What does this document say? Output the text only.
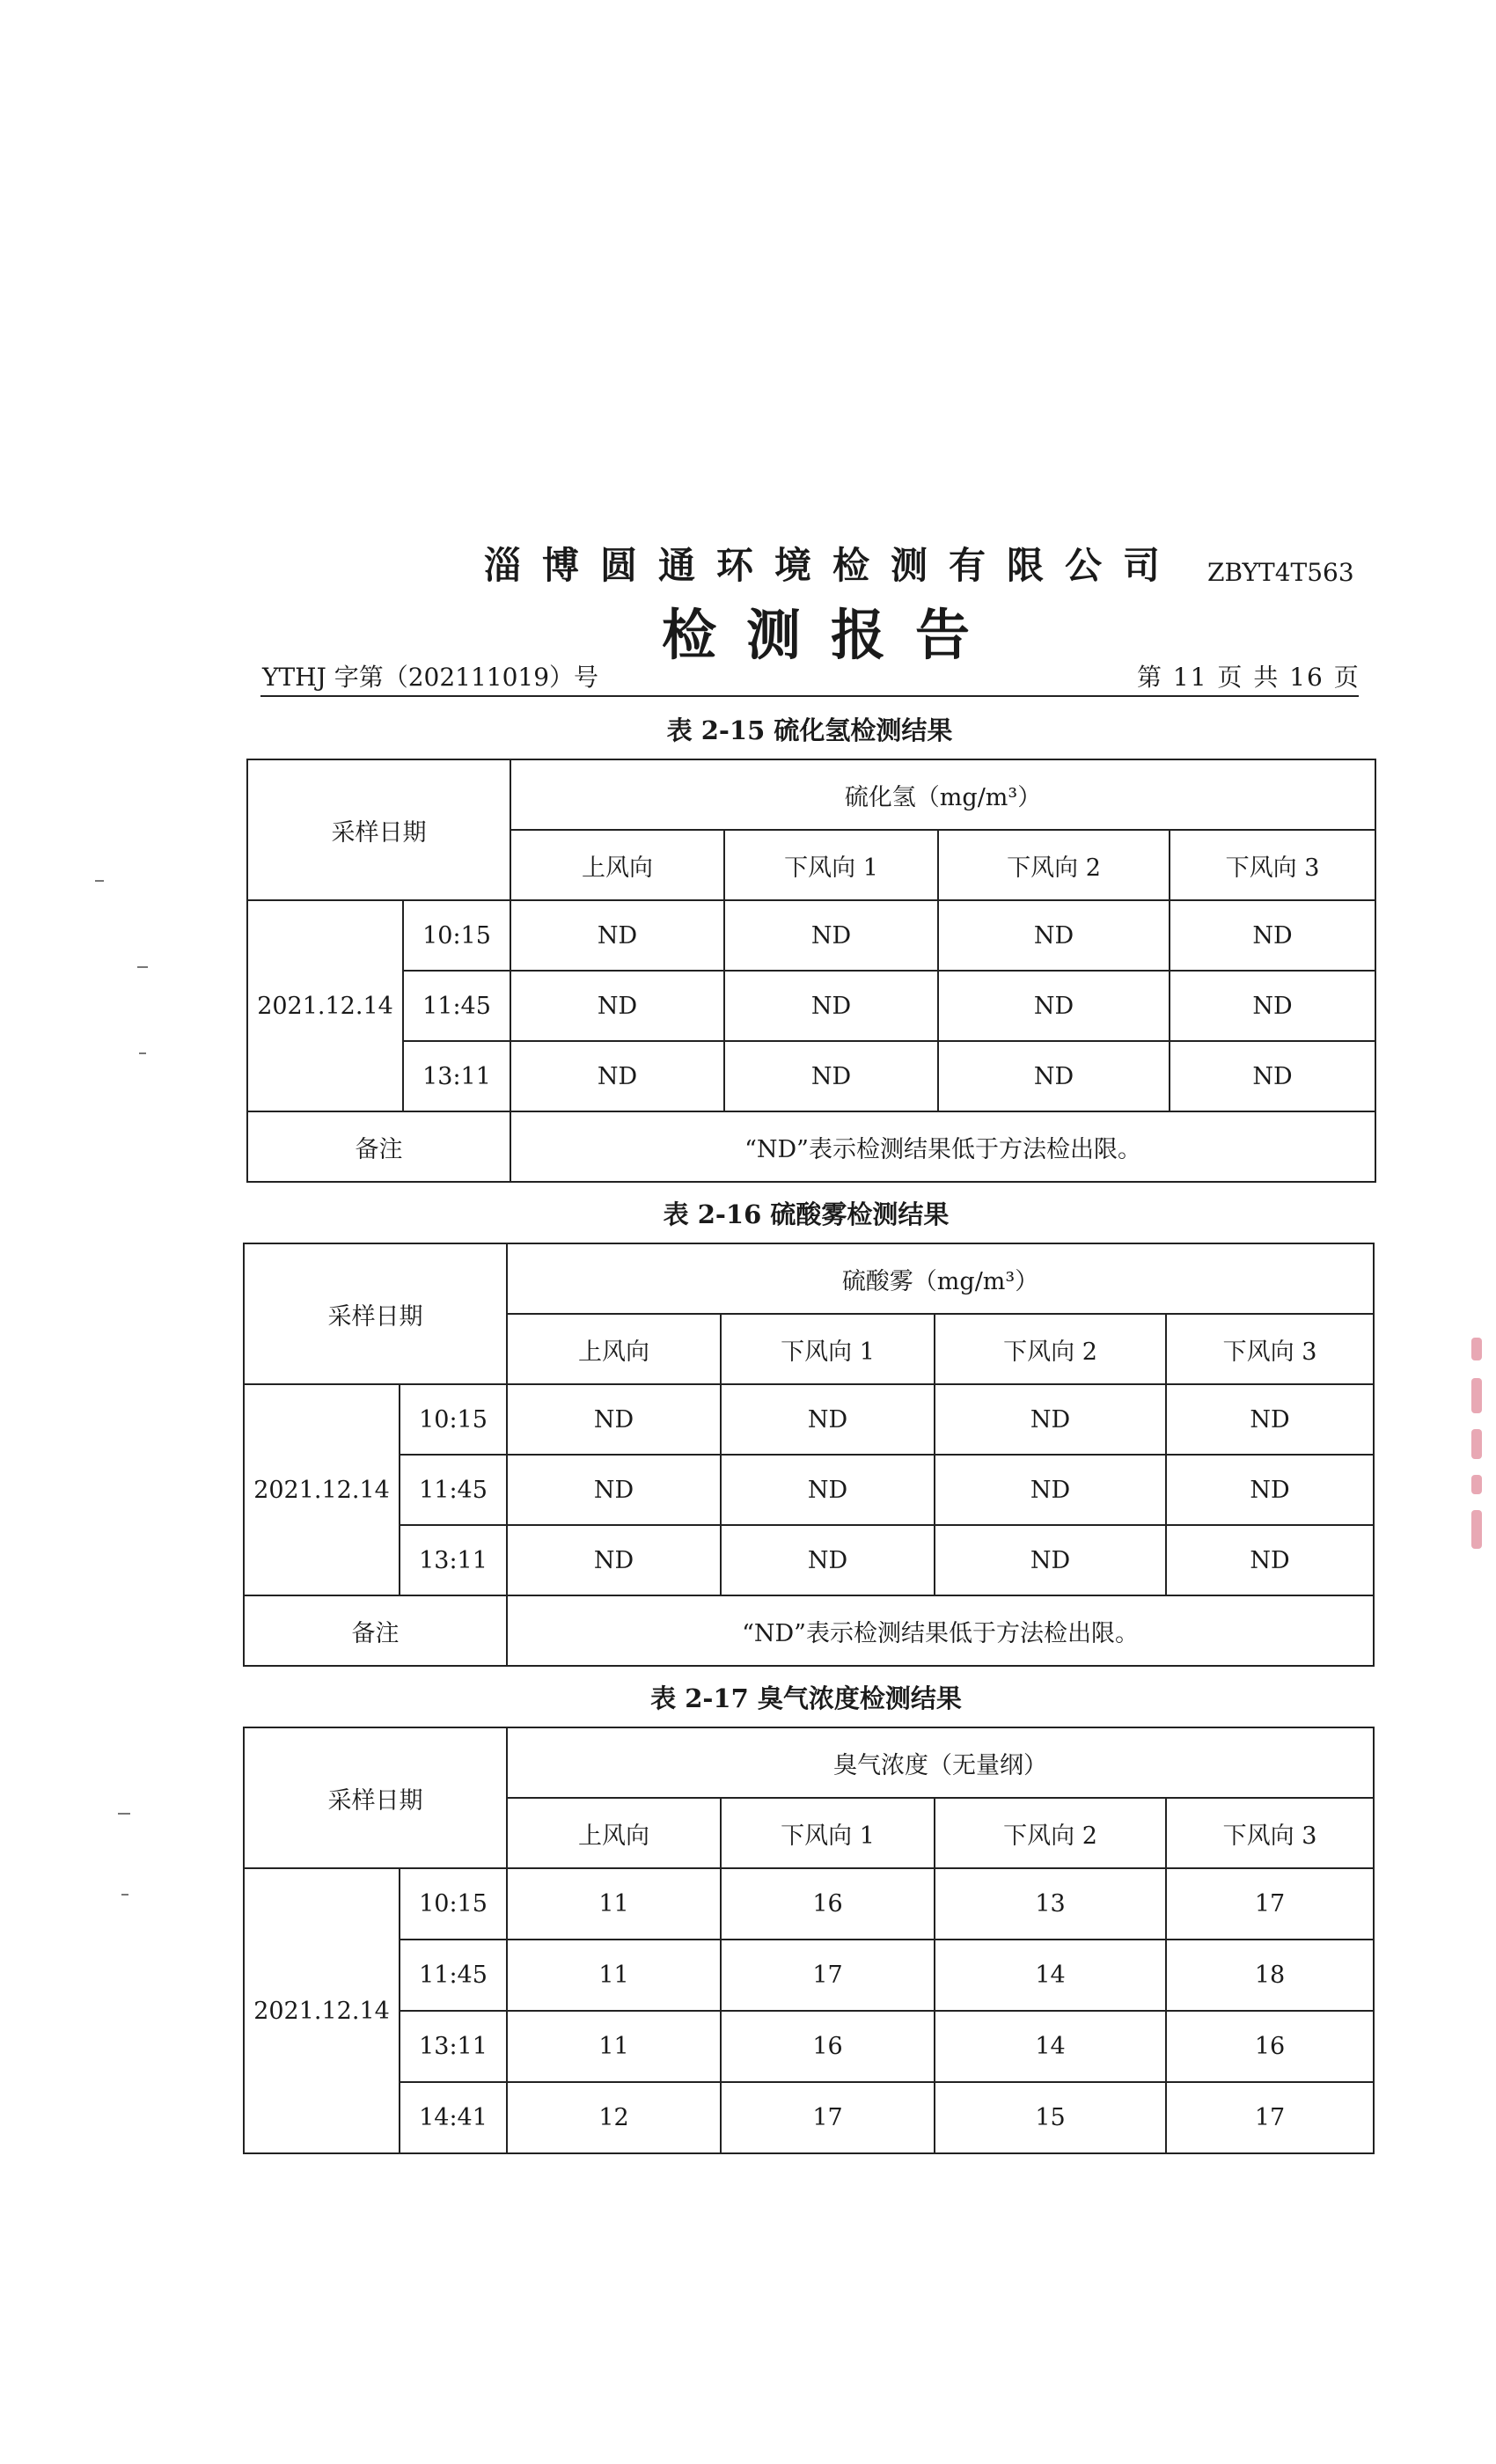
淄博圆通环境检测有限公司 ZBYT4T563
检测报告
YTHJ 字第（202111019）号	第 11 页 共 16 页
表 2-15 硫化氢检测结果
采样日期		硫化氢（mg/m³）			
		上风向	下风向 1	下风向 2	下风向 3
2021.12.14	10:15	ND	ND	ND	ND
	11:45	ND	ND	ND	ND
	13:11	ND	ND	ND	ND
备注		“ND”表示检测结果低于方法检出限。			
表 2-16 硫酸雾检测结果
采样日期		硫酸雾（mg/m³）			
		上风向	下风向 1	下风向 2	下风向 3
2021.12.14	10:15	ND	ND	ND	ND
	11:45	ND	ND	ND	ND
	13:11	ND	ND	ND	ND
备注		“ND”表示检测结果低于方法检出限。			
表 2-17 臭气浓度检测结果
采样日期		臭气浓度（无量纲）			
		上风向	下风向 1	下风向 2	下风向 3
2021.12.14	10:15	11	16	13	17
	11:45	11	17	14	18
	13:11	11	16	14	16
	14:41	12	17	15	17
